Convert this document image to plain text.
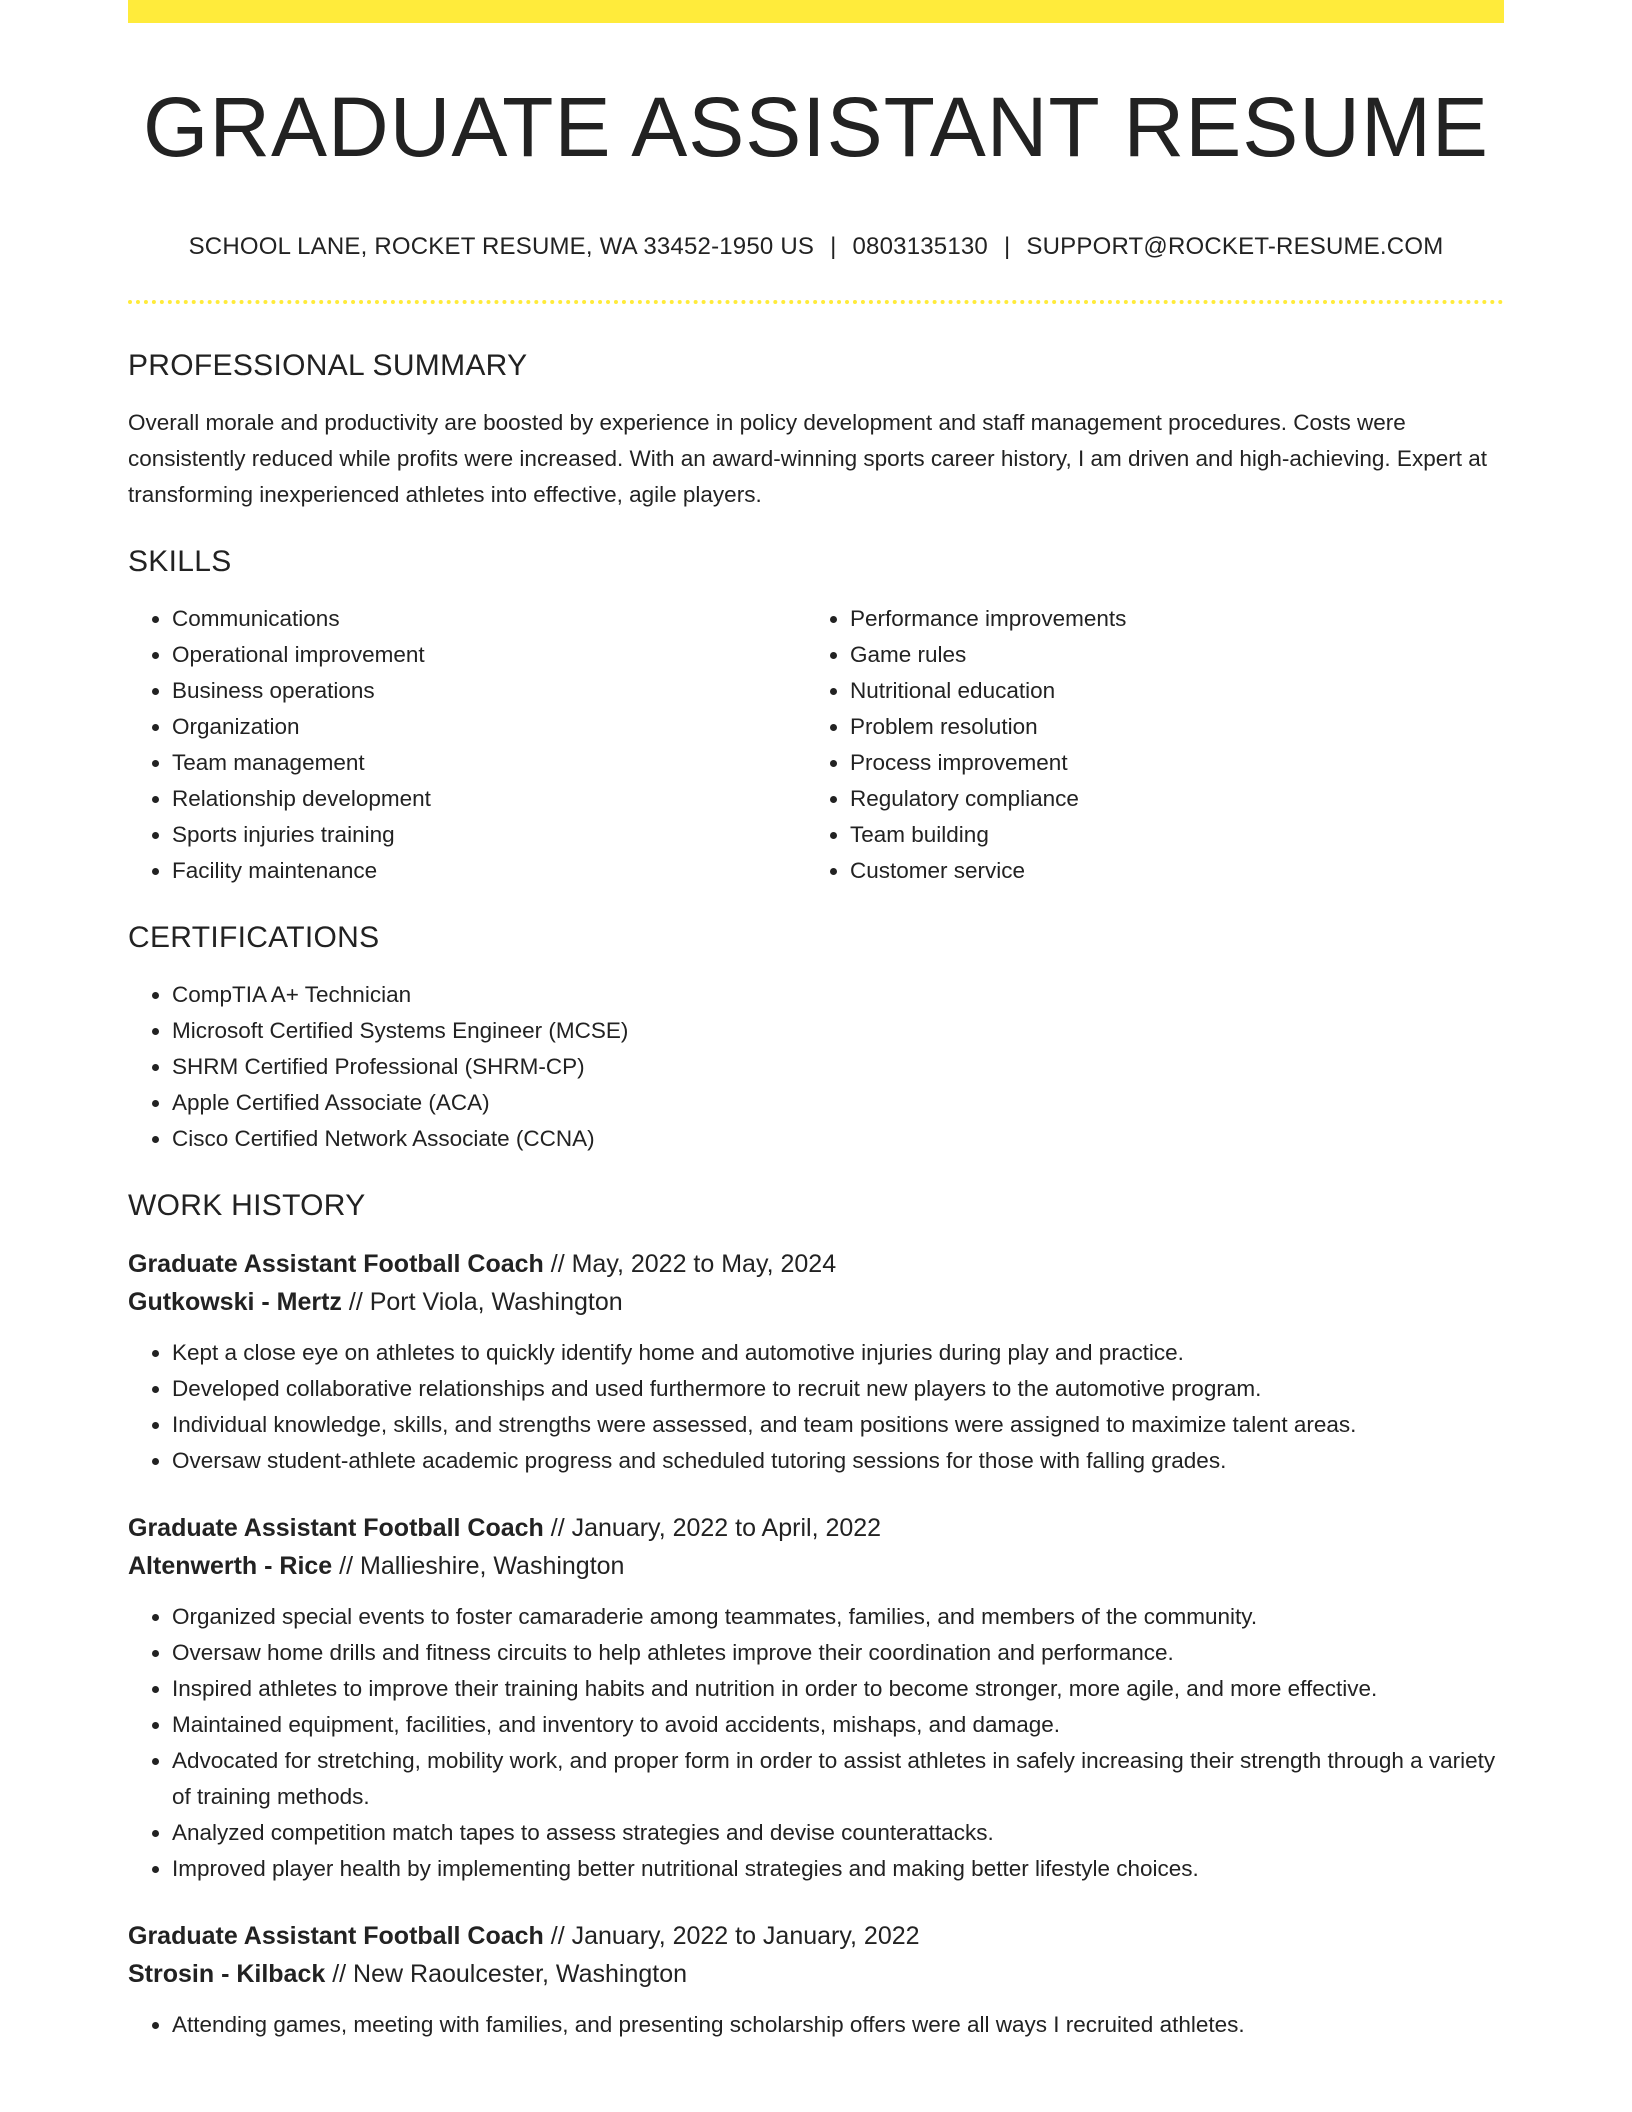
GRADUATE ASSISTANT RESUME
SCHOOL LANE, ROCKET RESUME, WA 33452-1950 US | 0803135130 | SUPPORT@ROCKET-RESUME.COM
PROFESSIONAL SUMMARY

Overall morale and productivity are boosted by experience in policy development and staff management procedures. Costs were consistently reduced while profits were increased. With an award-winning sports career history, I am driven and high-achieving. Expert at transforming inexperienced athletes into effective, agile players.

SKILLS
• Communications
• Operational improvement
• Business operations
• Organization
• Team management
• Relationship development
• Sports injuries training
• Facility maintenance
• Performance improvements
• Game rules
• Nutritional education
• Problem resolution
• Process improvement
• Regulatory compliance
• Team building
• Customer service
CERTIFICATIONS
• CompTIA A+ Technician
• Microsoft Certified Systems Engineer (MCSE)
• SHRM Certified Professional (SHRM-CP)
• Apple Certified Associate (ACA)
• Cisco Certified Network Associate (CCNA)
WORK HISTORY

Graduate Assistant Football Coach // May, 2022 to May, 2024

Gutkowski - Mertz // Port Viola, Washington

• Kept a close eye on athletes to quickly identify home and automotive injuries during play and practice.
• Developed collaborative relationships and used furthermore to recruit new players to the automotive program.
• Individual knowledge, skills, and strengths were assessed, and team positions were assigned to maximize talent areas.
• Oversaw student-athlete academic progress and scheduled tutoring sessions for those with falling grades.

Graduate Assistant Football Coach // January, 2022 to April, 2022

Altenwerth - Rice // Mallieshire, Washington

• Organized special events to foster camaraderie among teammates, families, and members of the community.
• Oversaw home drills and fitness circuits to help athletes improve their coordination and performance.
• Inspired athletes to improve their training habits and nutrition in order to become stronger, more agile, and more effective.
• Maintained equipment, facilities, and inventory to avoid accidents, mishaps, and damage.
• Advocated for stretching, mobility work, and proper form in order to assist athletes in safely increasing their strength through a variety of training methods.
• Analyzed competition match tapes to assess strategies and devise counterattacks.
• Improved player health by implementing better nutritional strategies and making better lifestyle choices.

Graduate Assistant Football Coach // January, 2022 to January, 2022

Strosin - Kilback // New Raoulcester, Washington

• Attending games, meeting with families, and presenting scholarship offers were all ways I recruited athletes.
